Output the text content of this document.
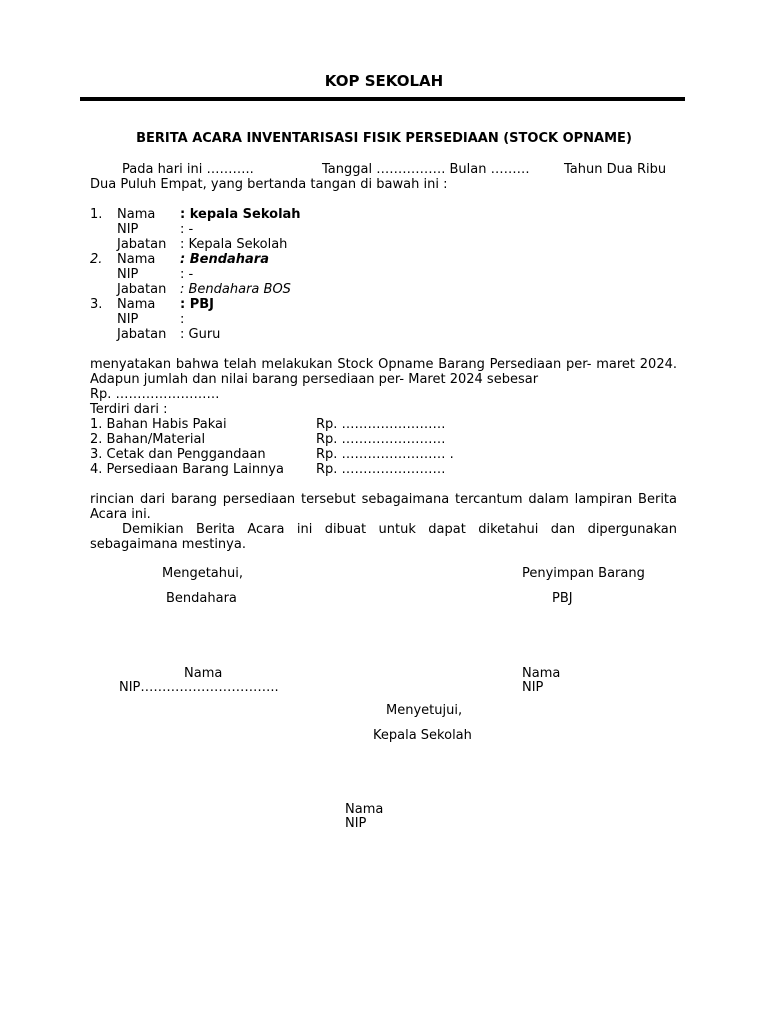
KOP SEKOLAH
BERITA ACARA INVENTARISASI FISIK PERSEDIAAN (STOCK OPNAME)
Pada hari ini ………..	Tanggal ……………. Bulan ………	Tahun Dua Ribu
Dua Puluh Empat, yang bertanda tangan di bawah ini :
1. Nama : kepala Sekolah
NIP	: -
Jabatan : Kepala Sekolah
2. Nama : Bendahara
NIP	: -
Jabatan : Bendahara BOS
3. Nama : PBJ
NIP	:
Jabatan : Guru
menyatakan bahwa telah melakukan Stock Opname Barang Persediaan per- maret 2024. Adapun jumlah dan nilai barang persediaan per- Maret 2024 sebesar
Rp. ……………………
Terdiri dari :
1. Bahan Habis Pakai	Rp. ……………………
2. Bahan/Material	Rp. ……………………
3. Cetak dan Penggandaan	Rp. …………………… .
4. Persediaan Barang Lainnya Rp. ……………………
rincian dari barang persediaan tersebut sebagaimana tercantum dalam lampiran Berita Acara ini.
Demikian Berita Acara ini dibuat untuk dapat diketahui dan dipergunakan sebagaimana mestinya.
Mengetahui,
Bendahara
Nama
NIP…………………………..
Penyimpan Barang
PBJ
Nama
NIP
Menyetujui,
Kepala Sekolah
Nama
NIP
